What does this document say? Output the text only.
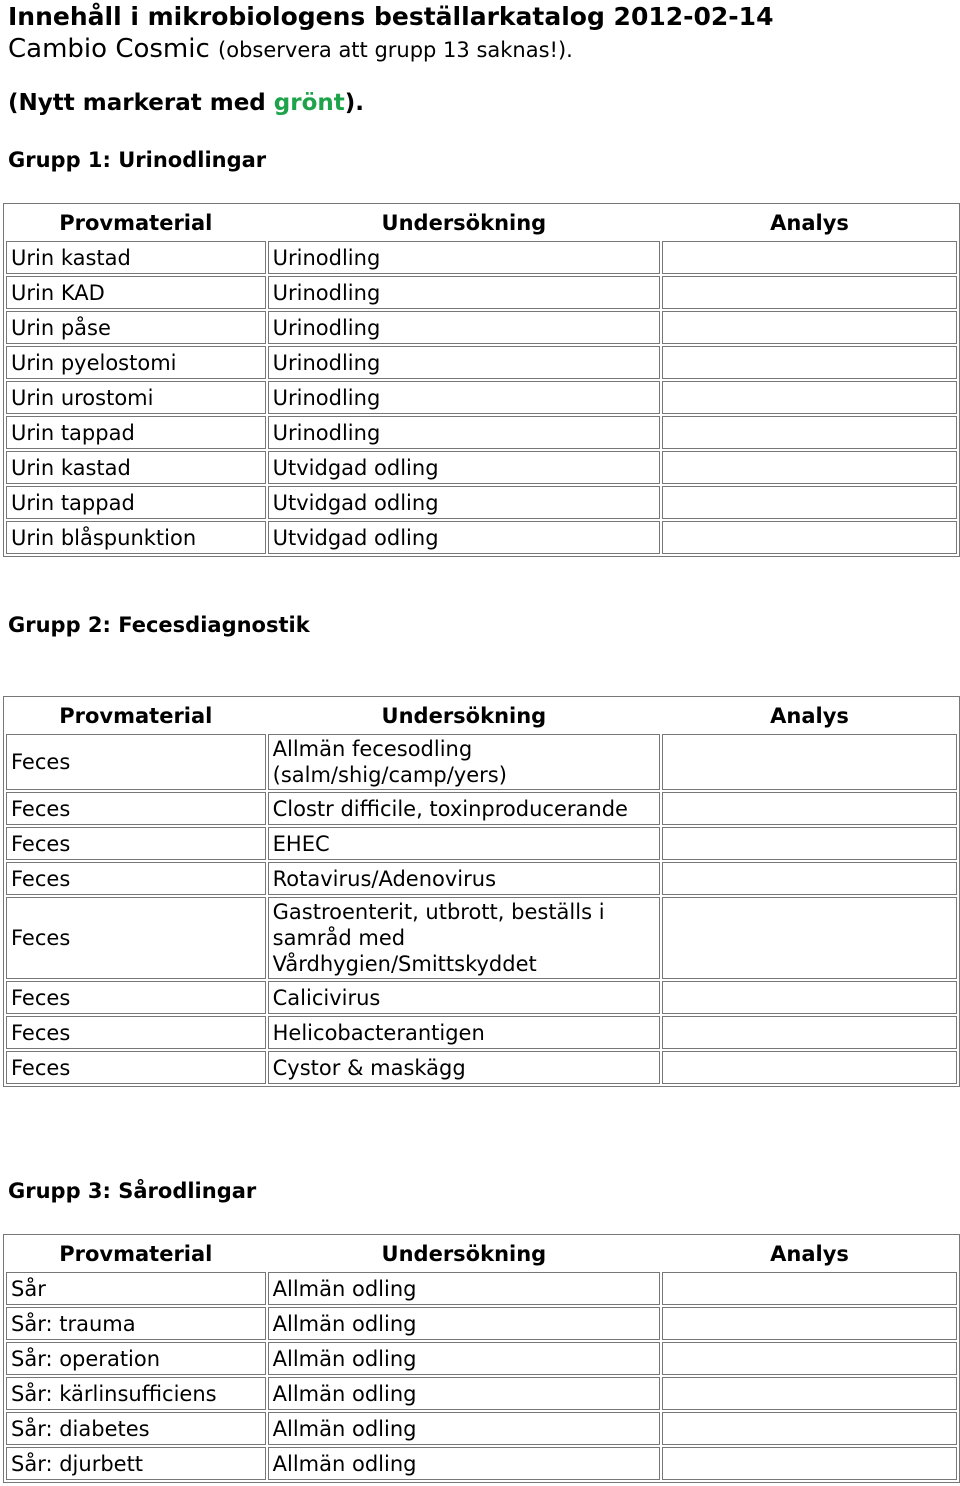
Innehåll i mikrobiologens beställarkatalog 2012-02-14
Cambio Cosmic (observera att grupp 13 saknas!).
(Nytt markerat med grönt).
Grupp 1: Urinodlingar
Provmaterial	Undersökning	Analys
Urin kastad	Urinodling	
Urin KAD	Urinodling	
Urin påse	Urinodling	
Urin pyelostomi	Urinodling	
Urin urostomi	Urinodling	
Urin tappad	Urinodling	
Urin kastad	Utvidgad odling	
Urin tappad	Utvidgad odling	
Urin blåspunktion	Utvidgad odling	
Grupp 2: Fecesdiagnostik
Provmaterial	Undersökning	Analys
Feces	Allmän fecesodling
(salm/shig/camp/yers)	

Feces	Clostr difficile, toxinproducerande	

Feces	EHEC	

Feces	Rotavirus/Adenovirus	

Feces	Gastroenterit, utbrott, beställs i
samråd med
Vårdhygien/Smittskyddet	

Feces	Calicivirus	

Feces	Helicobacterantigen	

Feces	Cystor & maskägg	

Grupp 3: Sårodlingar
Provmaterial	Undersökning	Analys
Sår	Allmän odling	
Sår: trauma	Allmän odling	
Sår: operation	Allmän odling	
Sår: kärlinsufficiens	Allmän odling	
Sår: diabetes	Allmän odling	
Sår: djurbett	Allmän odling	
